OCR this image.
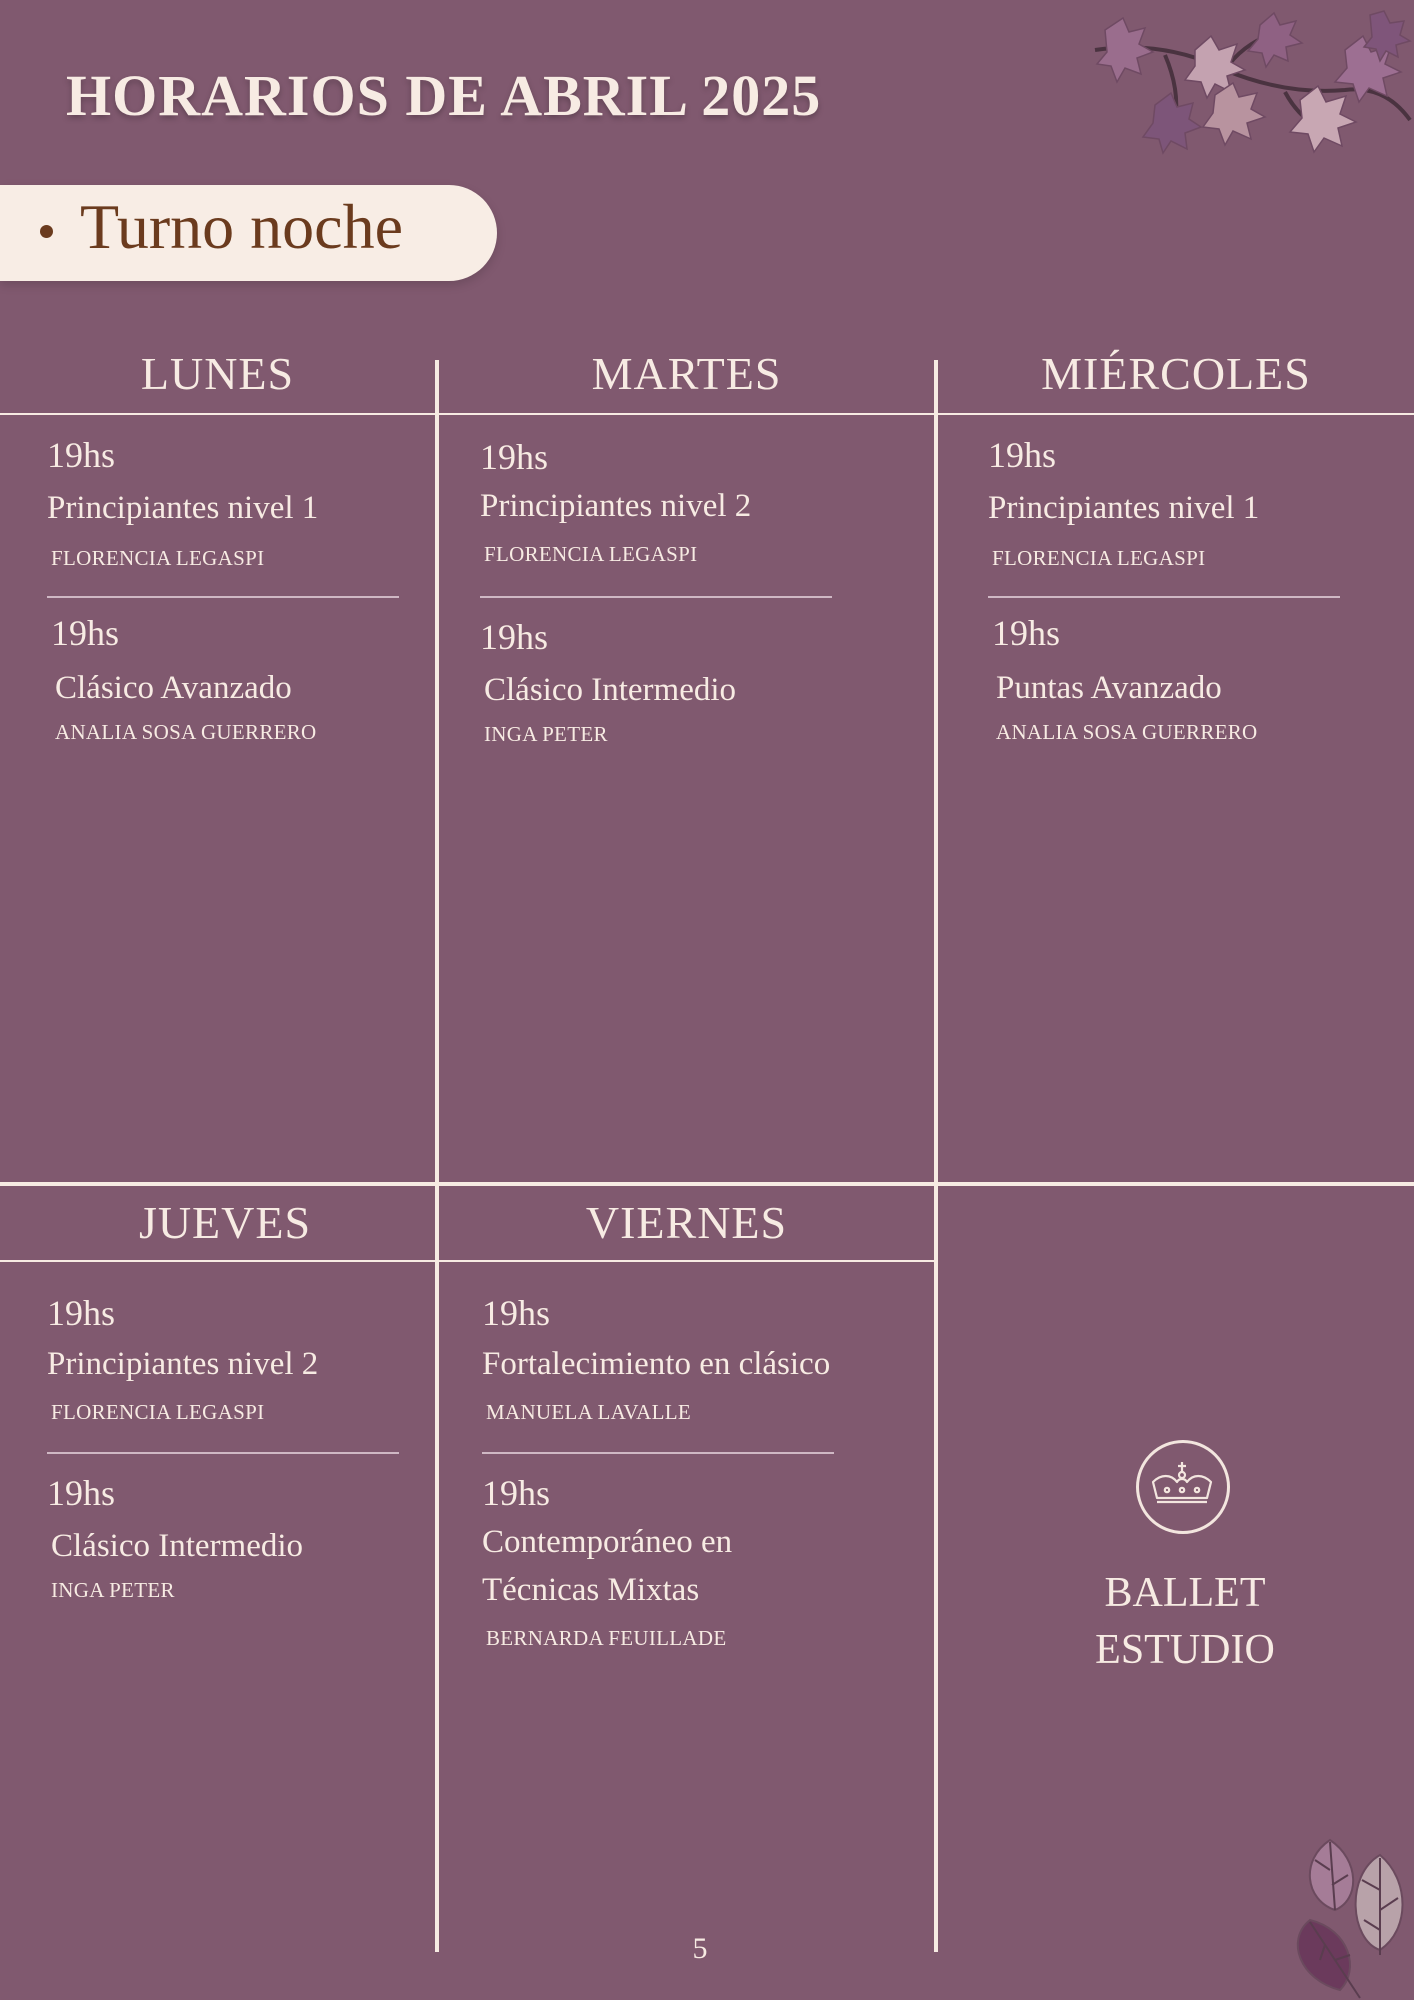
HORARIOS DE ABRIL 2025
Turno noche
LUNES
19hs
Principiantes nivel 1
FLORENCIA LEGASPI
19hs
Clásico Avanzado
ANALIA SOSA GUERRERO
MARTES
19hs
Principiantes nivel 2
FLORENCIA LEGASPI
19hs
Clásico Intermedio
INGA PETER
MIÉRCOLES
19hs
Principiantes nivel 1
FLORENCIA LEGASPI
19hs
Puntas Avanzado
ANALIA SOSA GUERRERO
JUEVES
19hs
Principiantes nivel 2
FLORENCIA LEGASPI
19hs
Clásico Intermedio
INGA PETER
VIERNES
19hs
Fortalecimiento en clásico
MANUELA LAVALLE
19hs
Contemporáneo en
Técnicas Mixtas
BERNARDA FEUILLADE
BALLET
ESTUDIO
5
